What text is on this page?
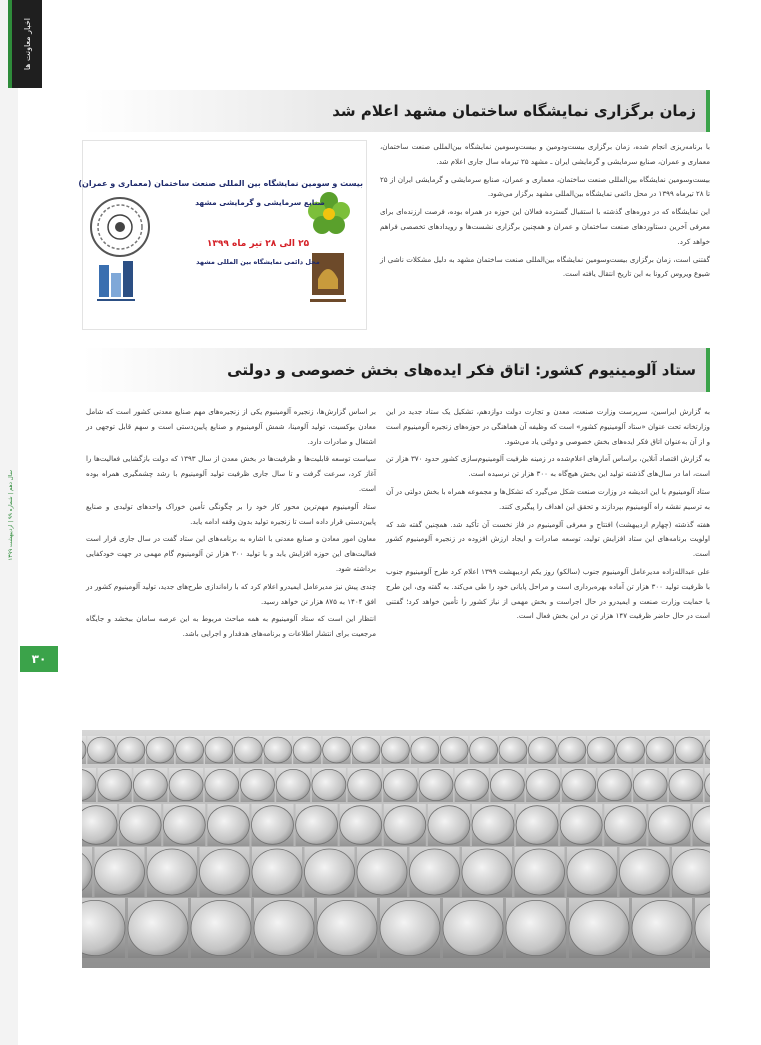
اخبار معاونت ها
سال دهم | شماره ۹۹ | اردیبهشت ۱۳۹۹
۳۰
زمان برگزاری نمایشگاه ساختمان مشهد اعلام شد

با برنامه‌ریزی انجام شده، زمان برگزاری بیست‌ودومین و بیست‌وسومین نمایشگاه بین‌المللی صنعت ساختمان، معماری و عمران، صنایع سرمایشی و گرمایشی ایران ـ مشهد ۲۵ تیرماه سال جاری اعلام شد.

بیست‌وسومین نمایشگاه بین‌المللی صنعت ساختمان، معماری و عمران، صنایع سرمایشی و گرمایشی ایران از ۲۵ تا ۲۸ تیرماه ۱۳۹۹ در محل دائمی نمایشگاه بین‌المللی مشهد برگزار می‌شود.

این نمایشگاه که در دوره‌های گذشته با استقبال گسترده فعالان این حوزه در همراه بوده، فرصت ارزنده‌ای برای معرفی آخرین دستاوردهای صنعت ساختمان و عمران و همچنین برگزاری نشست‌ها و رویدادهای تخصصی فراهم خواهد کرد.

گفتنی است، زمان برگزاری بیست‌وسومین نمایشگاه بین‌المللی صنعت ساختمان مشهد به دلیل مشکلات ناشی از شیوع ویروس کرونا به این تاریخ انتقال یافته است.

بیست و سومین نمایشگاه بین المللی صنعت ساختمان (معماری و عمران)
صنایع سرمایشی و گرمایشی مشهد
۲۵ الی ۲۸ تیر ماه ۱۳۹۹
محل دائمی نمایشگاه بین المللی مشهد
ستاد آلومینیوم کشور: اتاق فکر ایده‌های بخش خصوصی و دولتی

به گزارش ایراسین، سرپرست وزارت صنعت، معدن و تجارت دولت دوازدهم، تشکیل یک ستاد جدید در این وزارتخانه تحت عنوان «ستاد آلومینیوم کشور» است که وظیفه آن هماهنگی در حوزه‌های زنجیره آلومینیوم است و از آن به‌عنوان اتاق فکر ایده‌های بخش خصوصی و دولتی یاد می‌شود.

به گزارش اقتصاد آنلاین، براساس آمارهای اعلام‌شده در زمینه ظرفیت آلومینیوم‌سازی کشور حدود ۳۷۰ هزار تن است، اما در سال‌های گذشته تولید این بخش هیچ‌گاه به ۳۰۰ هزار تن نرسیده است.

ستاد آلومینیوم با این اندیشه در وزارت صنعت شکل می‌گیرد که تشکل‌ها و مجموعه همراه با بخش دولتی در آن به ترسیم نقشه راه آلومینیوم بپردازند و تحقق این اهداف را پیگیری کنند.

هفته گذشته (چهارم اردیبهشت) افتتاح و معرفی آلومینیوم در فاز نخست آن تأکید شد. همچنین گفته شد که اولویت برنامه‌های این ستاد افزایش تولید، توسعه صادرات و ایجاد ارزش افزوده در زنجیره آلومینیوم کشور است.

علی عبدالله‌زاده مدیرعامل آلومینیوم جنوب (سالکو) روز یکم اردیبهشت ۱۳۹۹ اعلام کرد طرح آلومینیوم جنوب با ظرفیت تولید ۳۰۰ هزار تن آماده بهره‌برداری است و مراحل پایانی خود را طی می‌کند. به گفته وی، این طرح با حمایت وزارت صنعت و ایمیدرو در حال اجراست و بخش مهمی از نیاز کشور را تأمین خواهد کرد؛ گفتنی است در حال حاضر ظرفیت ۱۴۷ هزار تن در این بخش فعال است.

بر اساس گزارش‌ها، زنجیره آلومینیوم یکی از زنجیره‌های مهم صنایع معدنی کشور است که شامل معادن بوکسیت، تولید آلومینا، شمش آلومینیوم و صنایع پایین‌دستی است و سهم قابل توجهی در اشتغال و صادرات دارد.

سیاست توسعه قابلیت‌ها و ظرفیت‌ها در بخش معدن از سال ۱۳۹۳ که دولت بازگشایی فعالیت‌ها را آغاز کرد، سرعت گرفت و تا سال جاری ظرفیت تولید آلومینیوم با رشد چشمگیری همراه بوده است.

ستاد آلومینیوم مهم‌ترین محور کار خود را بر چگونگی تأمین خوراک واحدهای تولیدی و صنایع پایین‌دستی قرار داده است تا زنجیره تولید بدون وقفه ادامه یابد.

معاون امور معادن و صنایع معدنی با اشاره به برنامه‌های این ستاد گفت در سال جاری قرار است فعالیت‌های این حوزه افزایش یابد و با تولید ۳۰۰ هزار تن آلومینیوم گام مهمی در جهت خودکفایی برداشته شود.

چندی پیش نیز مدیرعامل ایمیدرو اعلام کرد که با راه‌اندازی طرح‌های جدید، تولید آلومینیوم کشور در افق ۱۴۰۴ به ۸۷۵ هزار تن خواهد رسید.

انتظار این است که ستاد آلومینیوم به همه مباحث مربوط به این عرصه سامان ببخشد و جایگاه مرجعیت برای انتشار اطلاعات و برنامه‌های هدفدار و اجرایی باشد.
